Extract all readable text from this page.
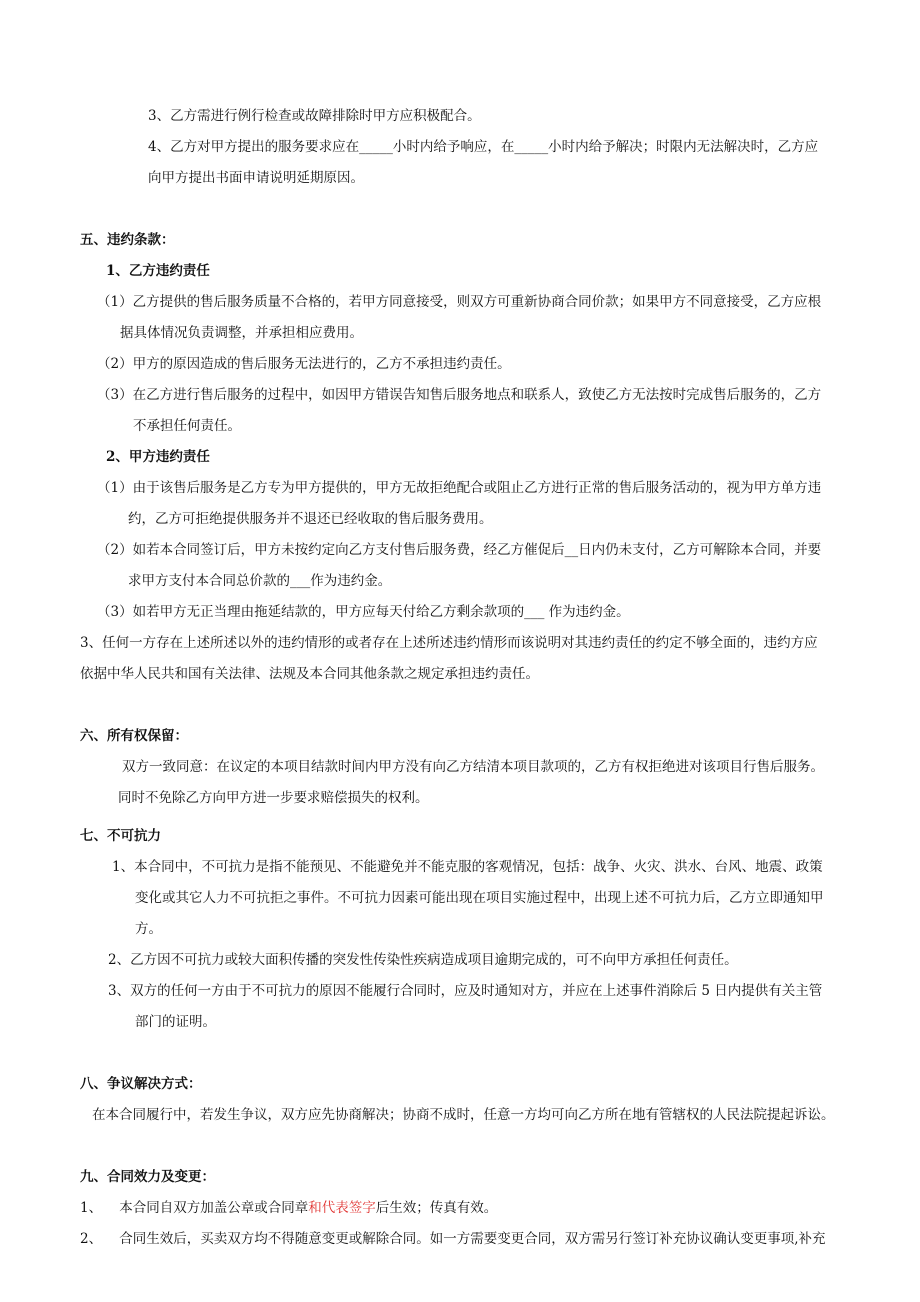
3、乙方需进行例行检查或故障排除时甲方应积极配合。
4、乙方对甲方提出的服务要求应在_____小时内给予响应，在_____小时内给予解决；时限内无法解决时，乙方应
向甲方提出书面申请说明延期原因。
五、违约条款：
1、乙方违约责任
（1）乙方提供的售后服务质量不合格的，若甲方同意接受，则双方可重新协商合同价款；如果甲方不同意接受，乙方应根
据具体情况负责调整，并承担相应费用。
（2）甲方的原因造成的售后服务无法进行的，乙方不承担违约责任。
（3）在乙方进行售后服务的过程中，如因甲方错误告知售后服务地点和联系人，致使乙方无法按时完成售后服务的，乙方
不承担任何责任。
2、甲方违约责任
（1）由于该售后服务是乙方专为甲方提供的，甲方无故拒绝配合或阻止乙方进行正常的售后服务活动的，视为甲方单方违
约，乙方可拒绝提供服务并不退还已经收取的售后服务费用。
（2）如若本合同签订后，甲方未按约定向乙方支付售后服务费，经乙方催促后__日内仍未支付，乙方可解除本合同，并要
求甲方支付本合同总价款的___作为违约金。
（3）如若甲方无正当理由拖延结款的，甲方应每天付给乙方剩余款项的___ 作为违约金。
3、任何一方存在上述所述以外的违约情形的或者存在上述所述违约情形而该说明对其违约责任的约定不够全面的，违约方应
依据中华人民共和国有关法律、法规及本合同其他条款之规定承担违约责任。
六、所有权保留：
双方一致同意：在议定的本项目结款时间内甲方没有向乙方结清本项目款项的，乙方有权拒绝进对该项目行售后服务。
同时不免除乙方向甲方进一步要求赔偿损失的权利。
七、不可抗力
1、本合同中，不可抗力是指不能预见、不能避免并不能克服的客观情况，包括：战争、火灾、洪水、台风、地震、政策
变化或其它人力不可抗拒之事件。不可抗力因素可能出现在项目实施过程中，出现上述不可抗力后，乙方立即通知甲
方。
2、乙方因不可抗力或较大面积传播的突发性传染性疾病造成项目逾期完成的，可不向甲方承担任何责任。
3、双方的任何一方由于不可抗力的原因不能履行合同时，应及时通知对方，并应在上述事件消除后 5 日内提供有关主管
部门的证明。
八、争议解决方式：
在本合同履行中，若发生争议，双方应先协商解决；协商不成时，任意一方均可向乙方所在地有管辖权的人民法院提起诉讼。
九、合同效力及变更：
1、    本合同自双方加盖公章或合同章和代表签字后生效；传真有效。
2、    合同生效后，买卖双方均不得随意变更或解除合同。如一方需要变更合同，双方需另行签订补充协议确认变更事项,补充
